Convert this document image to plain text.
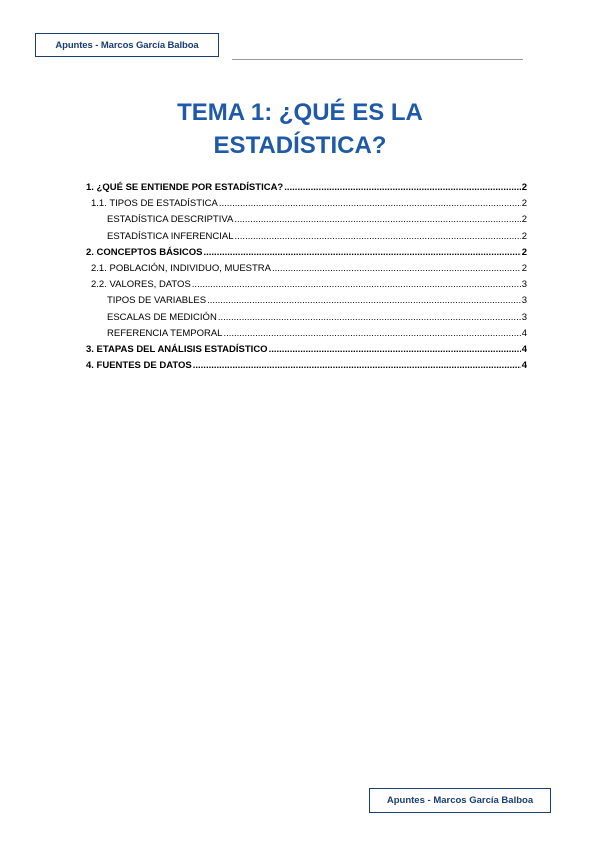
Apuntes - Marcos García Balboa
TEMA 1: ¿QUÉ ES LA
ESTADÍSTICA?
1. ¿QUÉ SE ENTIENDE POR ESTADÍSTICA? .....	2
1.1. TIPOS DE ESTADÍSTICA .....	2
ESTADÍSTICA DESCRIPTIVA .....	2
ESTADÍSTICA INFERENCIAL .....	2
2. CONCEPTOS BÁSICOS .....	2
2.1. POBLACIÓN, INDIVIDUO, MUESTRA .....	2
2.2. VALORES, DATOS .....	3
TIPOS DE VARIABLES .....	3
ESCALAS DE MEDICIÓN .....	3
REFERENCIA TEMPORAL .....	4
3. ETAPAS DEL ANÁLISIS ESTADÍSTICO .....	4
4. FUENTES DE DATOS .....	4
Apuntes - Marcos García Balboa
